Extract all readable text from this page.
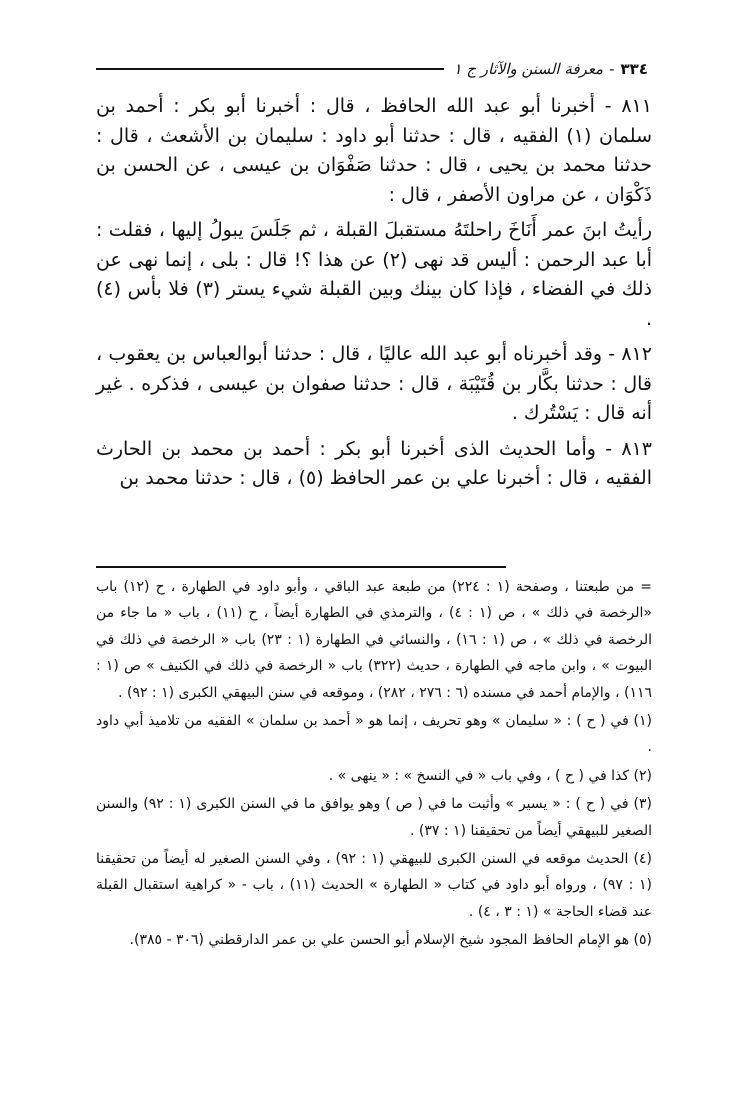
٣٣٤
-
معرفة السنن والآثار ج ١

٨١١ - أخبرنا أبو عبد الله الحافظ ، قال : أخبرنا أبو بكر : أحمد بن سلمان (١) الفقيه ، قال : حدثنا أبو داود : سليمان بن الأشعث ، قال : حدثنا محمد بن يحيى ، قال : حدثنا صَفْوَان بن عيسى ، عن الحسن بن ذَكْوَان ، عن مراون الأصفر ، قال :

رأيتُ ابنَ عمر أَنَاخَ راحلتَهُ مستقبلَ القبلة ، ثم جَلَسَ يبولُ إليها ، فقلت : أبا عبد الرحمن : أليس قد نهى (٢) عن هذا ؟! قال : بلى ، إنما نهى عن ذلك في الفضاء ، فإذا كان بينك وبين القبلة شيء يستر (٣) فلا بأس (٤) .

٨١٢ - وقد أخبرناه أبو عبد الله عاليًا ، قال : حدثنا أبوالعباس بن يعقوب ، قال : حدثنا بكَّار بن قُتَيْبَة ، قال : حدثنا صفوان بن عيسى ، فذكره . غير أنه قال : يَسْتُرك .

٨١٣ - وأما الحديث الذى أخبرنا أبو بكر : أحمد بن محمد بن الحارث الفقيه ، قال : أخبرنا علي بن عمر الحافظ (٥) ، قال : حدثنا محمد بن

= من طبعتنا ، وصفحة (١ : ٢٢٤) من طبعة عبد الباقي ، وأبو داود في الطهارة ، ح (١٢) باب «الرخصة في ذلك » ، ص (١ : ٤) ، والترمذي في الطهارة أيضاً ، ح (١١) ، باب « ما جاء من الرخصة في ذلك » ، ص (١ : ١٦) ، والنسائي في الطهارة (١ : ٢٣) باب « الرخصة في ذلك في البيوت » ، وابن ماجه في الطهارة ، حديث (٣٢٢) باب « الرخصة في ذلك في الكنيف » ص (١ : ١١٦) ، والإمام أحمد في مسنده (٦ : ٢٧٦ ، ٢٨٢) ، وموقعه في سنن البيهقي الكبرى (١ : ٩٢) .

(١) في ( ح ) : « سليمان » وهو تحريف ، إنما هو « أحمد بن سلمان » الفقيه من تلاميذ أبي داود .

(٢) كذا في ( ح ) ، وفي باب « في النسخ » : « ينهى » .

(٣) في ( ح ) : « يسير » وأثبت ما في ( ص ) وهو يوافق ما في السنن الكبرى (١ : ٩٢) والسنن الصغير للبيهقي أيضاً من تحقيقنا (١ : ٣٧) .

(٤) الحديث موقعه في السنن الكبرى للبيهقي (١ : ٩٢) ، وفي السنن الصغير له أيضاً من تحقيقنا (١ : ٩٧) ، ورواه أبو داود في كتاب « الطهارة » الحديث (١١) ، باب - « كراهية استقبال القبلة عند قضاء الحاجة » (١ : ٣ ، ٤) .

(٥) هو الإمام الحافظ المجود شيخ الإسلام أبو الحسن علي بن عمر الدارقطني (٣٠٦ - ٣٨٥).
